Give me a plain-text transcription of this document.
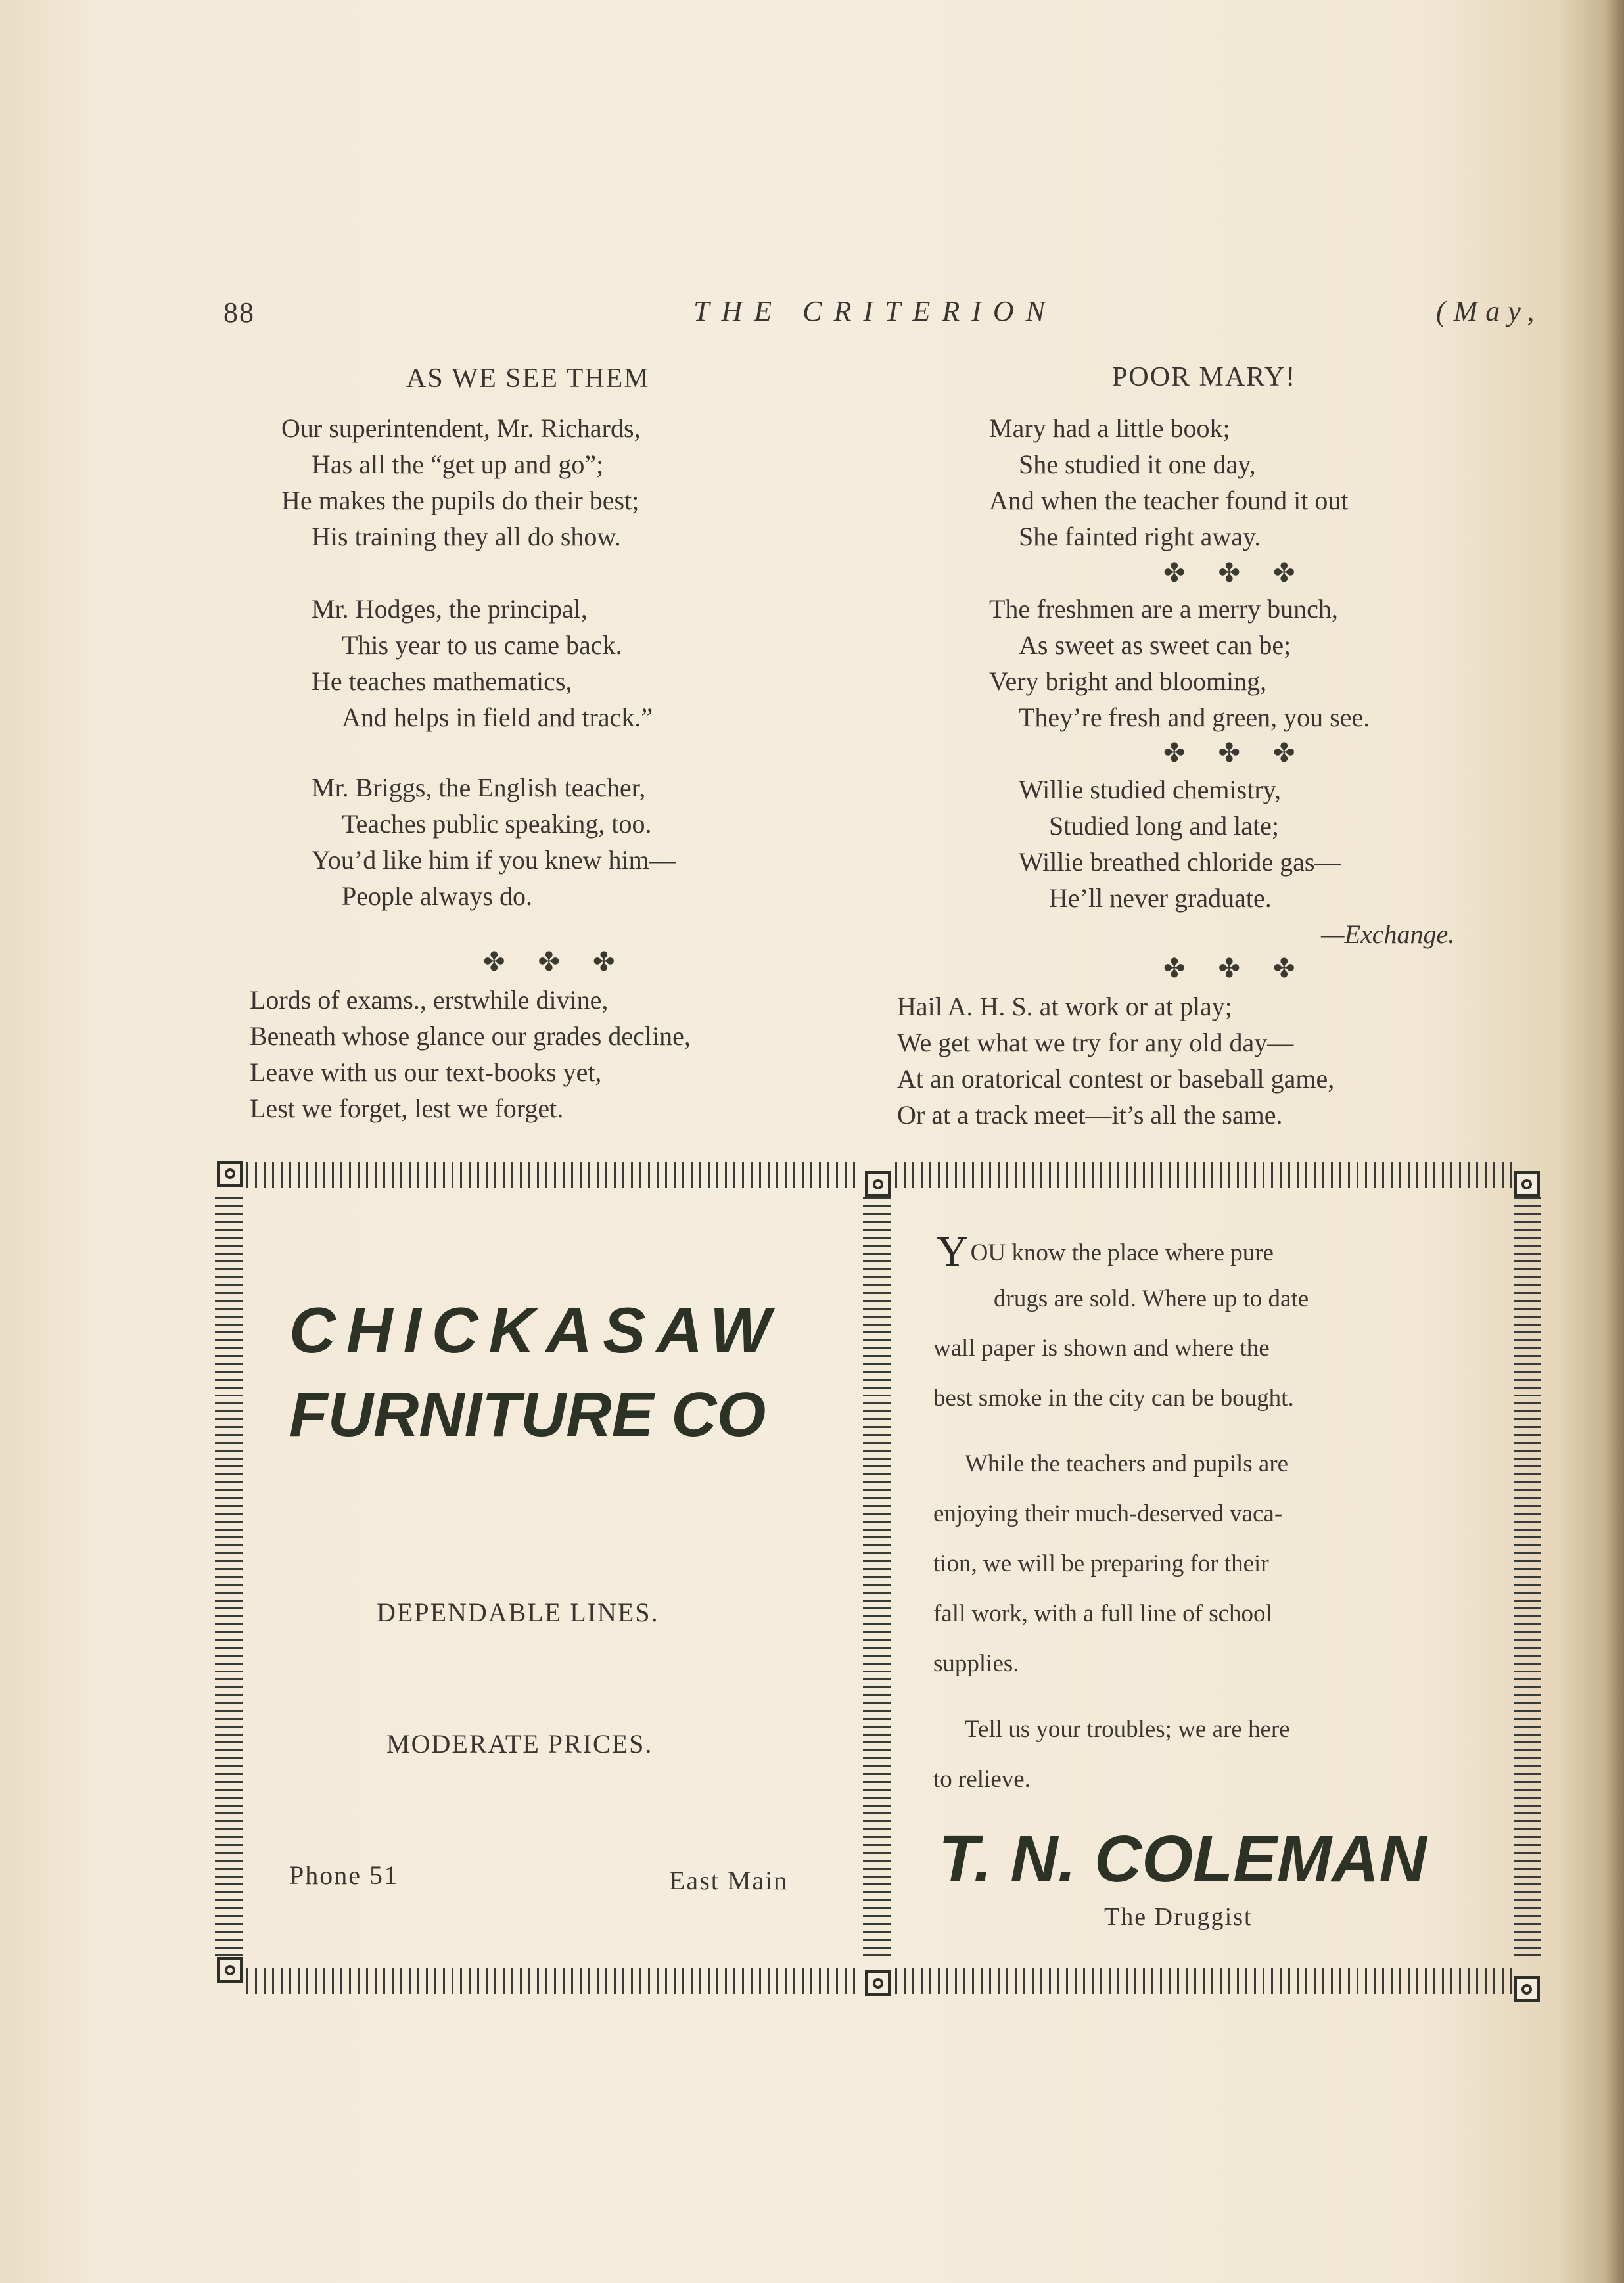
88	THE CRITERION	(May,
AS WE SEE THEM
Our superintendent, Mr. Richards,
Has all the “get up and go”;
He makes the pupils do their best;
His training they all do show.
Mr. Hodges, the principal,
This year to us came back.
He teaches mathematics,
And helps in field and track.”
Mr. Briggs, the English teacher,
Teaches public speaking, too.
You’d like him if you knew him—
People always do.
✤ ✤ ✤
Lords of exams., erstwhile divine,
Beneath whose glance our grades decline,
Leave with us our text-books yet,
Lest we forget, lest we forget.
POOR MARY!
Mary had a little book;
She studied it one day,
And when the teacher found it out
She fainted right away.
✤ ✤ ✤
The freshmen are a merry bunch,
As sweet as sweet can be;
Very bright and blooming,
They’re fresh and green, you see.
✤ ✤ ✤
Willie studied chemistry,
Studied long and late;
Willie breathed chloride gas—
He’ll never graduate.
—Exchange.
✤ ✤ ✤
Hail A. H. S. at work or at play;
We get what we try for any old day—
At an oratorical contest or baseball game,
Or at a track meet—it’s all the same.
CHICKASAW
FURNITURE CO
DEPENDABLE LINES.
MODERATE PRICES.
Phone 51	East Main
YOU know the place where pure
drugs are sold. Where up to date
wall paper is shown and where the
best smoke in the city can be bought.
While the teachers and pupils are
enjoying their much-deserved vaca-
tion, we will be preparing for their
fall work, with a full line of school
supplies.
Tell us your troubles; we are here
to relieve.
T. N. COLEMAN
The Druggist
